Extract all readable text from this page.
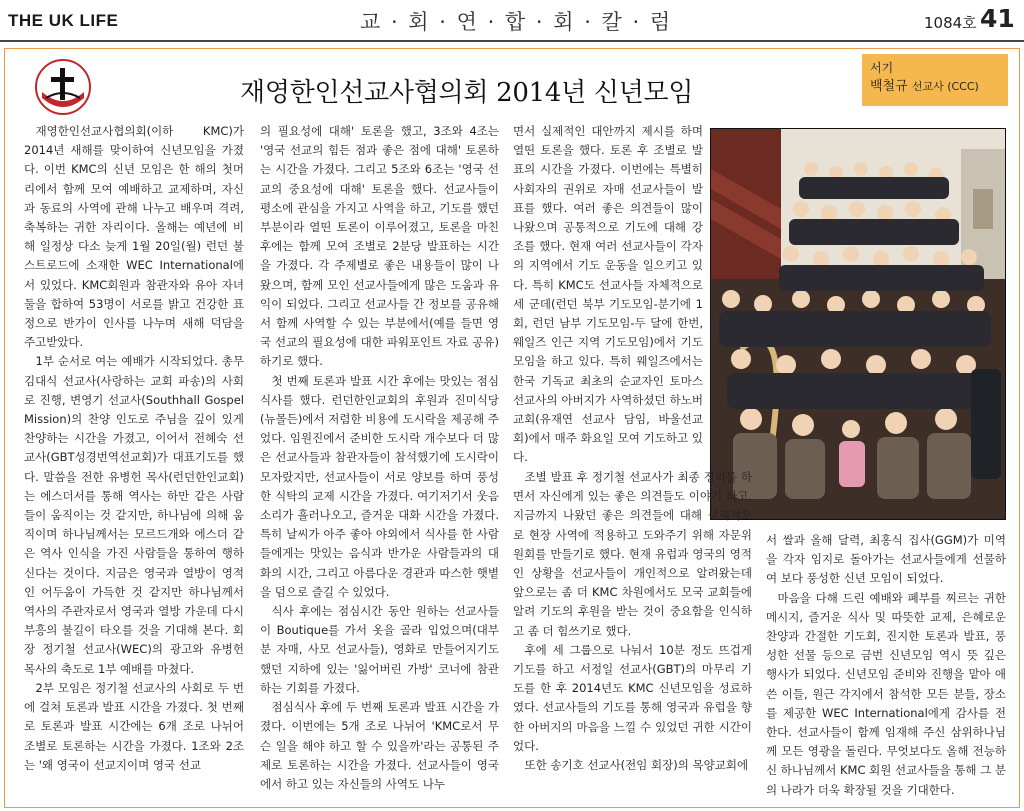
THE UK LIFE	교 · 회 · 연 · 합 · 회 · 칼 · 럼	1084호 41
재영한인선교사협의회 2014년 신년모임
서기
백철규 선교사 (CCC)

재영한인선교사협의회(이하 KMC)가 2014년 새해를 맞이하여 신년모임을 가졌다. 이번 KMC의 신년 모임은 한 해의 첫머리에서 함께 모여 예배하고 교제하며, 자신과 동료의 사역에 관해 나누고 배우며 격려, 축복하는 귀한 자리이다. 올해는 예년에 비해 일정상 다소 늦게 1월 20일(월) 런던 불스트로드에 소재한 WEC International에서 있었다. KMC회원과 참관자와 유아 자녀 둘을 합하여 53명이 서로를 밝고 건강한 표정으로 반가이 인사를 나누며 새해 덕담을 주고받았다.

1부 순서로 여는 예배가 시작되었다. 총무 김대식 선교사(사랑하는 교회 파송)의 사회로 진행, 변영기 선교사(Southhall Gospel Mission)의 찬양 인도로 주님을 깊이 있게 찬양하는 시간을 가졌고, 이어서 전혜숙 선교사(GBT성경번역선교회)가 대표기도를 했다. 말씀을 전한 유병헌 목사(런던한인교회)는 에스더서를 통해 역사는 하만 같은 사람들이 움직이는 것 같지만, 하나님에 의해 움직이며 하나님께서는 모르드개와 에스더 같은 역사 인식을 가진 사람들을 통하여 행하신다는 것이다. 지금은 영국과 열방이 영적인 어두움이 가득한 것 같지만 하나님께서 역사의 주관자로서 영국과 열방 가운데 다시 부흥의 불길이 타오를 것을 기대해 본다. 회장 정기철 선교사(WEC)의 광고와 유병헌 목사의 축도로 1부 예배를 마쳤다.

2부 모임은 정기철 선교사의 사회로 두 번에 걸쳐 토론과 발표 시간을 가졌다. 첫 번째로 토론과 발표 시간에는 6개 조로 나뉘어 조별로 토론하는 시간을 가졌다. 1조와 2조는 '왜 영국이 선교지이며 영국 선교

의 필요성에 대해' 토론을 했고, 3조와 4조는 '영국 선교의 힘든 점과 좋은 점에 대해' 토론하는 시간을 가졌다. 그리고 5조와 6조는 '영국 선교의 중요성에 대해' 토론을 했다. 선교사들이 평소에 관심을 가지고 사역을 하고, 기도를 했던 부분이라 열띤 토론이 이루어졌고, 토론을 마친 후에는 함께 모여 조별로 2분당 발표하는 시간을 가졌다. 각 주제별로 좋은 내용들이 많이 나왔으며, 함께 모인 선교사들에게 많은 도움과 유익이 되었다. 그리고 선교사들 간 정보를 공유해서 함께 사역할 수 있는 부분에서(예를 들면 영국 선교의 필요성에 대한 파워포인트 자료 공유) 하기로 했다.

첫 번째 토론과 발표 시간 후에는 맛있는 점심 식사를 했다. 런던한인교회의 후원과 진미식당(뉴몰든)에서 저렴한 비용에 도시락을 제공해 주었다. 임원진에서 준비한 도시락 개수보다 더 많은 선교사들과 참관자들이 참석했기에 도시락이 모자랐지만, 선교사들이 서로 양보를 하며 풍성한 식탁의 교제 시간을 가졌다. 여기저기서 웃음소리가 흘러나오고, 즐거운 대화 시간을 가졌다. 특히 날씨가 아주 좋아 야외에서 식사를 한 사람들에게는 맛있는 음식과 반가운 사람들과의 대화의 시간, 그리고 아름다운 경관과 따스한 햇볕을 덤으로 즐길 수 있었다.

식사 후에는 점심시간 동안 원하는 선교사들이 Boutique를 가서 옷을 골라 입었으며(대부분 자매, 사모 선교사들), 영화로 만들어지기도 했던 지하에 있는 '잃어버린 가방' 코너에 참관하는 기회를 가졌다.

점심식사 후에 두 번째 토론과 발표 시간을 가졌다. 이번에는 5개 조로 나뉘어 'KMC로서 무슨 일을 해야 하고 할 수 있을까'라는 공통된 주제로 토론하는 시간을 가졌다. 선교사들이 영국에서 하고 있는 자신들의 사역도 나누

면서 실제적인 대안까지 제시를 하며 열띤 토론을 했다. 토론 후 조별로 발표의 시간을 가졌다. 이번에는 특별히 사회자의 권위로 자매 선교사들이 발표를 했다. 여러 좋은 의견들이 많이 나왔으며 공통적으로 기도에 대해 강조를 했다. 현재 여러 선교사들이 각자의 지역에서 기도 운동을 일으키고 있다. 특히 KMC도 선교사들 자체적으로 세 군데(런던 북부 기도모임-분기에 1회, 런던 남부 기도모임-두 달에 한번, 웨일즈 인근 지역 기도모임)에서 기도모임을 하고 있다. 특히 웨일즈에서는 한국 기독교 최초의 순교자인 토마스 선교사의 아버지가 사역하셨던 하노버 교회(유재연 선교사 담임, 바울선교회)에서 매주 화요일 모여 기도하고 있다.

조별 발표 후 정기철 선교사가 최종 정리를 하면서 자신에게 있는 좋은 의견들도 이야기 하고, 지금까지 나왔던 좋은 의견들에 대해 실제적으로 현장 사역에 적용하고 도와주기 위해 자문위원회를 만들기로 했다. 현재 유럽과 영국의 영적인 상황을 선교사들이 개인적으로 알려왔는데 앞으로는 좀 더 KMC 차원에서도 모국 교회들에 알려 기도의 후원을 받는 것이 중요함을 인식하고 좀 더 힘쓰기로 했다.

후에 세 그룹으로 나눠서 10분 정도 뜨겁게 기도를 하고 서정일 선교사(GBT)의 마무리 기도를 한 후 2014년도 KMC 신년모임을 성료하였다. 선교사들의 기도를 통해 영국과 유럽을 향한 아버지의 마음을 느낄 수 있었던 귀한 시간이었다.

또한 송기호 선교사(전임 회장)의 목양교회에

서 쌀과 올해 달력, 최홍식 집사(GGM)가 미역을 각자 임지로 돌아가는 선교사들에게 선물하여 보다 풍성한 신년 모임이 되었다.

마음을 다해 드린 예배와 폐부를 찌르는 귀한 메시지, 즐거운 식사 및 따뜻한 교제, 은혜로운 찬양과 간절한 기도회, 진지한 토론과 발표, 풍성한 선물 등으로 금번 신년모임 역시 뜻 깊은 행사가 되었다. 신년모임 준비와 진행을 맡아 애쓴 이들, 원근 각지에서 참석한 모든 분들, 장소를 제공한 WEC International에게 감사를 전한다. 선교사들이 함께 임재해 주신 삼위하나님께 모든 영광을 돌린다. 무엇보다도 올해 전능하신 하나님께서 KMC 회원 선교사들을 통해 그 분의 나라가 더욱 확장될 것을 기대한다.
